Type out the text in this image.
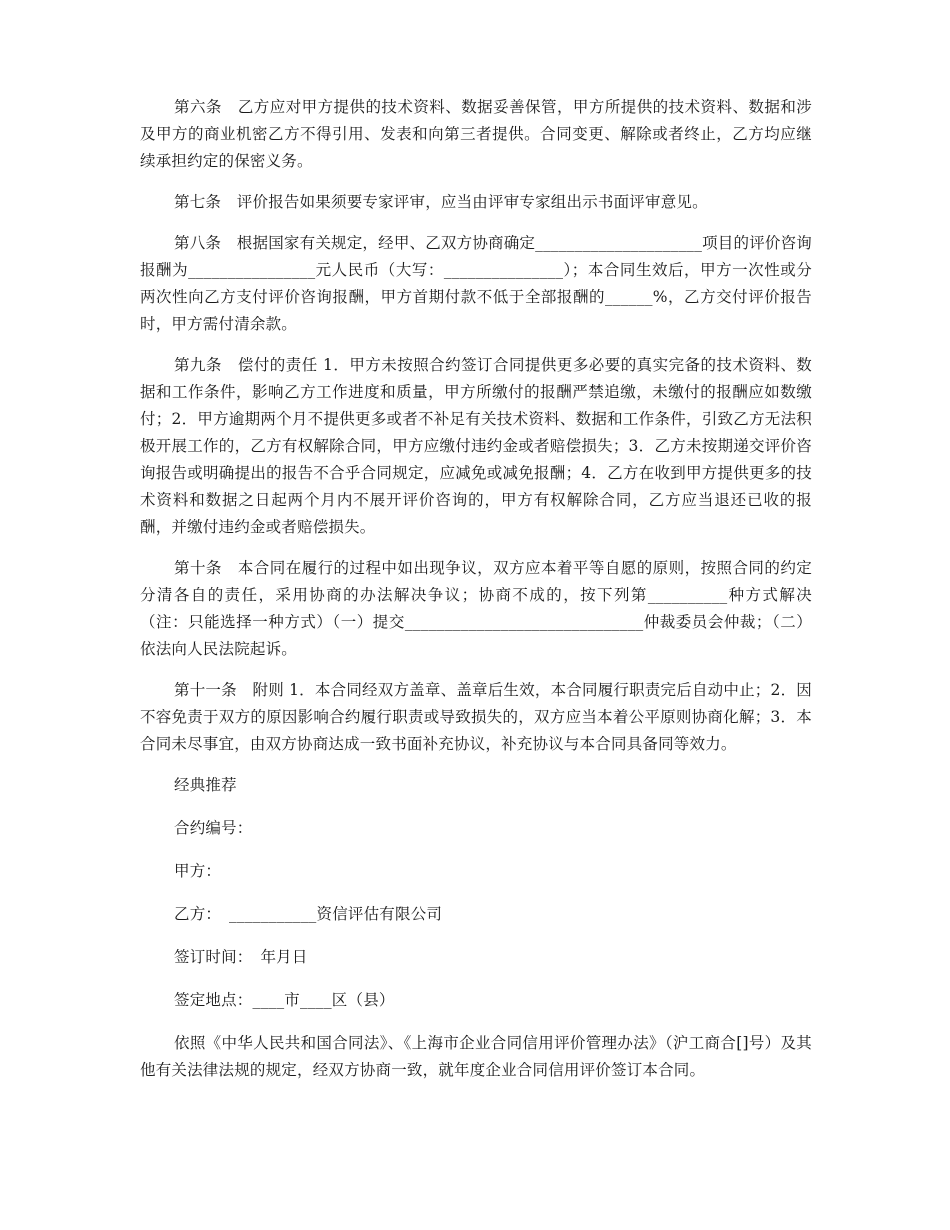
第六条　乙方应对甲方提供的技术资料、数据妥善保管，甲方所提供的技术资料、数据和涉及甲方的商业机密乙方不得引用、发表和向第三者提供。合同变更、解除或者终止，乙方均应继续承担约定的保密义务。

第七条　评价报告如果须要专家评审，应当由评审专家组出示书面评审意见。

第八条　根据国家有关规定，经甲、乙双方协商确定_____________________项目的评价咨询报酬为________________元人民币（大写：_______________）；本合同生效后，甲方一次性或分两次性向乙方支付评价咨询报酬，甲方首期付款不低于全部报酬的______%，乙方交付评价报告时，甲方需付清余款。

第九条　偿付的责任 1．甲方未按照合约签订合同提供更多必要的真实完备的技术资料、数据和工作条件，影响乙方工作进度和质量，甲方所缴付的报酬严禁追缴，未缴付的报酬应如数缴付；2．甲方逾期两个月不提供更多或者不补足有关技术资料、数据和工作条件，引致乙方无法积极开展工作的，乙方有权解除合同，甲方应缴付违约金或者赔偿损失；3．乙方未按期递交评价咨询报告或明确提出的报告不合乎合同规定，应减免或减免报酬；4．乙方在收到甲方提供更多的技术资料和数据之日起两个月内不展开评价咨询的，甲方有权解除合同，乙方应当退还已收的报酬，并缴付违约金或者赔偿损失。

第十条　本合同在履行的过程中如出现争议，双方应本着平等自愿的原则，按照合同的约定分清各自的责任，采用协商的办法解决争议；协商不成的，按下列第__________种方式解决（注：只能选择一种方式）（一）提交______________________________仲裁委员会仲裁；（二）依法向人民法院起诉。

第十一条　附则 1．本合同经双方盖章、盖章后生效，本合同履行职责完后自动中止；2．因不容免责于双方的原因影响合约履行职责或导致损失的，双方应当本着公平原则协商化解；3．本合同未尽事宜，由双方协商达成一致书面补充协议，补充协议与本合同具备同等效力。

经典推荐

合约编号：

甲方：

乙方：　___________资信评估有限公司

签订时间：　年月日

签定地点：____市____区（县）

依照《中华人民共和国合同法》、《上海市企业合同信用评价管理办法》（沪工商合[]号）及其他有关法律法规的规定，经双方协商一致，就年度企业合同信用评价签订本合同。
